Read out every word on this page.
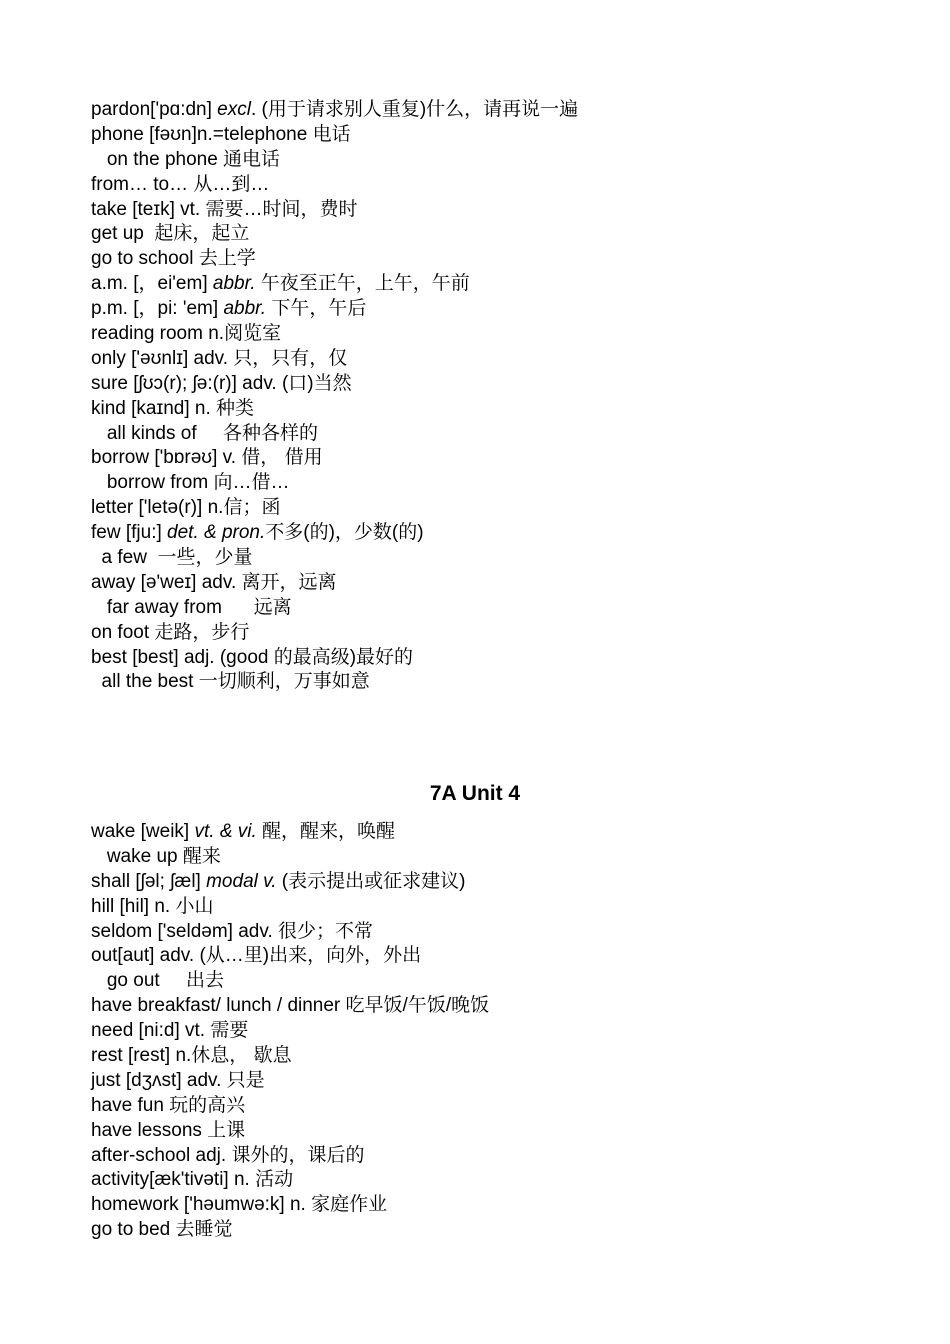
pardon['pɑ:dn] excl. (用于请求别人重复)什么，请再说一遍
phone [fəʊn]n.=telephone 电话
on the phone 通电话
from… to… 从…到…
take [teɪk] vt. 需要…时间，费时
get up  起床，起立
go to school 去上学
a.m. [，ei'em] abbr. 午夜至正午，上午，午前
p.m. [，pi: 'em] abbr. 下午，午后
reading room n.阅览室
only ['əʊnlɪ] adv. 只，只有，仅
sure [ʃʊɔ(r); ʃə:(r)] adv. (口)当然
kind [kaɪnd] n. 种类
all kinds of     各种各样的
borrow ['bɒrəʊ] v. 借， 借用
borrow from 向…借…
letter ['letə(r)] n.信；函
few [fju:] det. & pron.不多(的)，少数(的)
a few  一些，少量
away [ə'weɪ] adv. 离开，远离
far away from      远离
on foot 走路，步行
best [best] adj. (good 的最高级)最好的
all the best 一切顺利，万事如意
7A Unit 4
wake [weik] vt. & vi. 醒，醒来，唤醒
wake up 醒来
shall [ʃəl; ʃæl] modal v. (表示提出或征求建议)
hill [hil] n. 小山
seldom ['seldəm] adv. 很少；不常
out[aut] adv. (从…里)出来，向外，外出
go out     出去
have breakfast/ lunch / dinner 吃早饭/午饭/晚饭
need [ni:d] vt. 需要
rest [rest] n.休息， 歇息
just [dʒʌst] adv. 只是
have fun 玩的高兴
have lessons 上课
after-school adj. 课外的，课后的
activity[æk'tivəti] n. 活动
homework ['həumwə:k] n. 家庭作业
go to bed 去睡觉
